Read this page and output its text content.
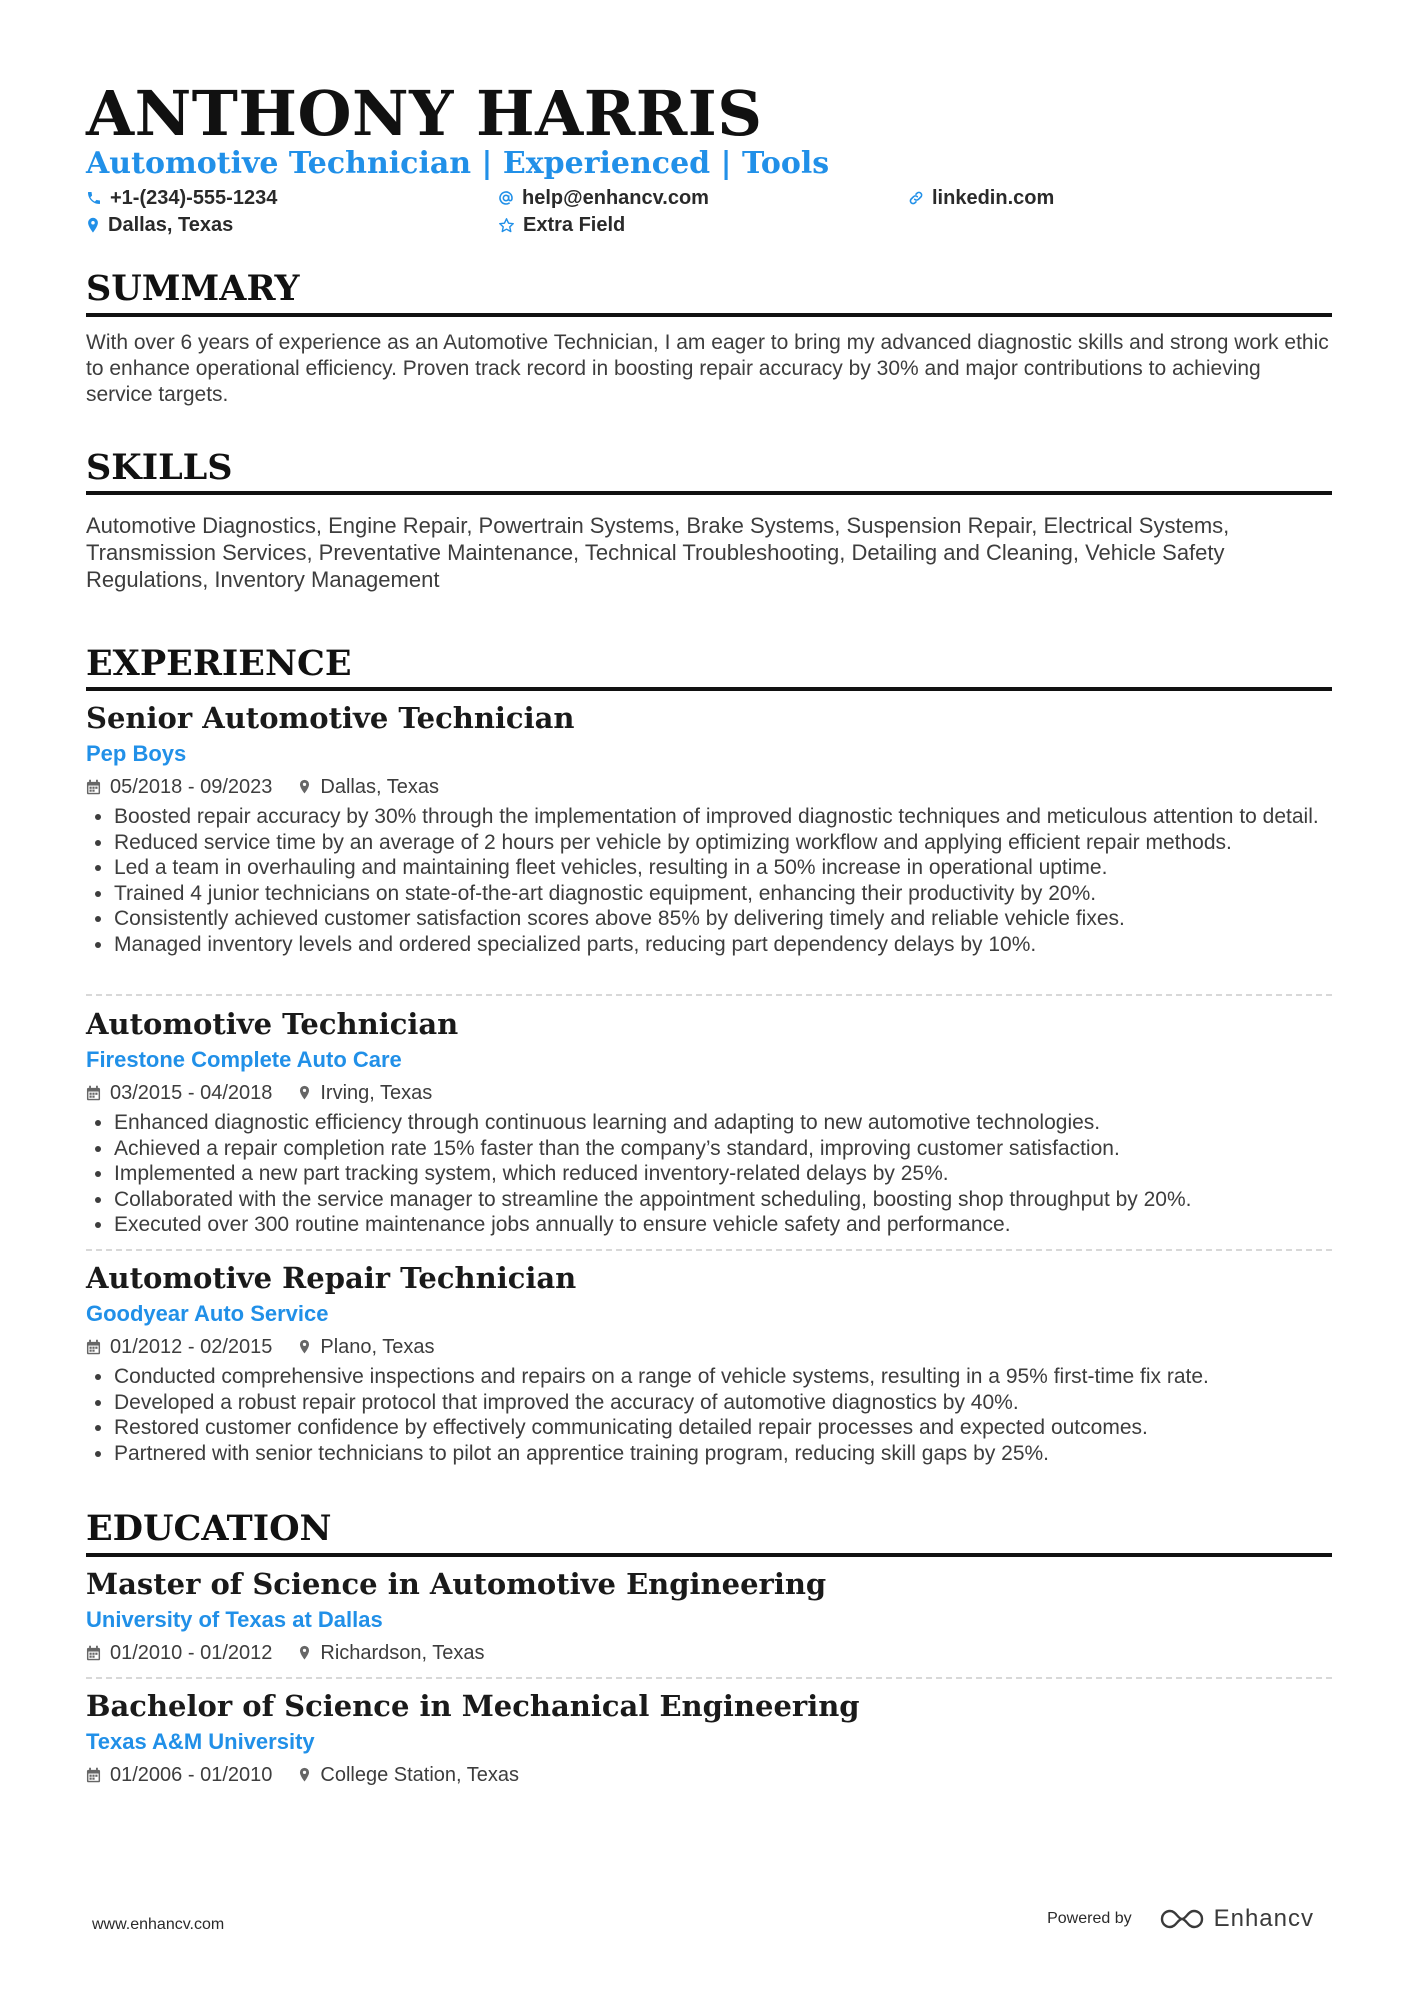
ANTHONY HARRIS
Automotive Technician | Experienced | Tools
+1-(234)-555-1234	help@enhancv.com	linkedin.com
Dallas, Texas	Extra Field
SUMMARY

With over 6 years of experience as an Automotive Technician, I am eager to bring my advanced diagnostic skills and strong work ethic to enhance operational efficiency. Proven track record in boosting repair accuracy by 30% and major contributions to achieving service targets.

SKILLS

Automotive Diagnostics, Engine Repair, Powertrain Systems, Brake Systems, Suspension Repair, Electrical Systems, Transmission Services, Preventative Maintenance, Technical Troubleshooting, Detailing and Cleaning, Vehicle Safety Regulations, Inventory Management

EXPERIENCE
Senior Automotive Technician
Pep Boys
05/2018 - 09/2023 Dallas, Texas
• Boosted repair accuracy by 30% through the implementation of improved diagnostic techniques and meticulous attention to detail.
• Reduced service time by an average of 2 hours per vehicle by optimizing workflow and applying efficient repair methods.
• Led a team in overhauling and maintaining fleet vehicles, resulting in a 50% increase in operational uptime.
• Trained 4 junior technicians on state-of-the-art diagnostic equipment, enhancing their productivity by 20%.
• Consistently achieved customer satisfaction scores above 85% by delivering timely and reliable vehicle fixes.
• Managed inventory levels and ordered specialized parts, reducing part dependency delays by 10%.
Automotive Technician
Firestone Complete Auto Care
03/2015 - 04/2018 Irving, Texas
• Enhanced diagnostic efficiency through continuous learning and adapting to new automotive technologies.
• Achieved a repair completion rate 15% faster than the company’s standard, improving customer satisfaction.
• Implemented a new part tracking system, which reduced inventory-related delays by 25%.
• Collaborated with the service manager to streamline the appointment scheduling, boosting shop throughput by 20%.
• Executed over 300 routine maintenance jobs annually to ensure vehicle safety and performance.
Automotive Repair Technician
Goodyear Auto Service
01/2012 - 02/2015 Plano, Texas
• Conducted comprehensive inspections and repairs on a range of vehicle systems, resulting in a 95% first-time fix rate.
• Developed a robust repair protocol that improved the accuracy of automotive diagnostics by 40%.
• Restored customer confidence by effectively communicating detailed repair processes and expected outcomes.
• Partnered with senior technicians to pilot an apprentice training program, reducing skill gaps by 25%.
EDUCATION
Master of Science in Automotive Engineering
University of Texas at Dallas
01/2010 - 01/2012 Richardson, Texas
Bachelor of Science in Mechanical Engineering
Texas A&M University
01/2006 - 01/2010 College Station, Texas
www.enhancv.com	Powered by	Enhancv
